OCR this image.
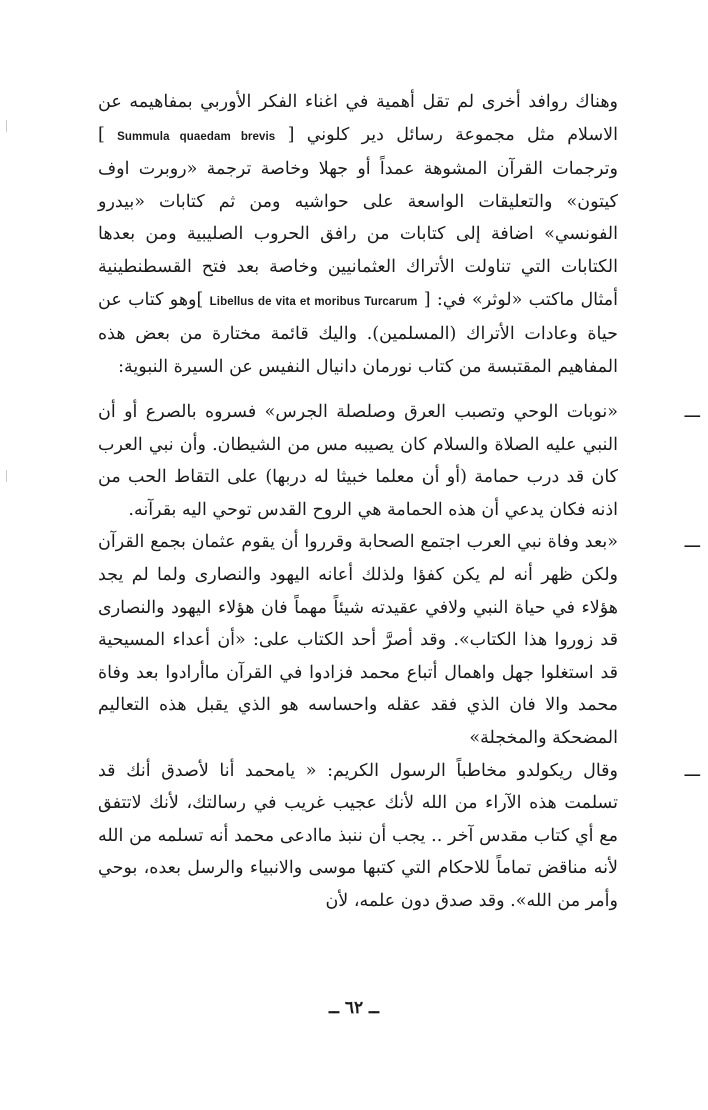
وهناك روافد أخرى لم تقل أهمية في اغناء الفكر الأوربي بمفاهيمه عن الاسلام مثل مجموعة رسائل دير كلوني [ Summula quaedam brevis ] وترجمات القرآن المشوهة عمداً أو جهلا وخاصة ترجمة «روبرت اوف كيتون» والتعليقات الواسعة على حواشيه ومن ثم كتابات «بيدرو الفونسي» اضافة إلى كتابات من رافق الحروب الصليبية ومن بعدها الكتابات التي تناولت الأتراك العثمانيين وخاصة بعد فتح القسطنطينية أمثال ماكتب «لوثر» في: [ Libellus de vita et moribus Turcarum ]وهو كتاب عن حياة وعادات الأتراك (المسلمين). واليك قائمة مختارة من بعض هذه المفاهيم المقتبسة من كتاب نورمان دانيال النفيس عن السيرة النبوية:

ـــ
«نوبات الوحي وتصبب العرق وصلصلة الجرس» فسروه بالصرع أو أن النبي عليه الصلاة والسلام كان يصيبه مس من الشيطان. وأن نبي العرب كان قد درب حمامة (أو أن معلما خبيثا له دربها) على التقاط الحب من اذنه فكان يدعي أن هذه الحمامة هي الروح القدس توحي اليه بقرآنه.
ـــ
«بعد وفاة نبي العرب اجتمع الصحابة وقرروا أن يقوم عثمان بجمع القرآن ولكن ظهر أنه لم يكن كفؤا ولذلك أعانه اليهود والنصارى ولما لم يجد هؤلاء في حياة النبي ولافي عقيدته شيئاً مهماً فان هؤلاء اليهود والنصارى قد زوروا هذا الكتاب». وقد أصرَّ أحد الكتاب على: «أن أعداء المسيحية قد استغلوا جهل واهمال أتباع محمد فزادوا في القرآن ماأرادوا بعد وفاة محمد والا فان الذي فقد عقله واحساسه هو الذي يقبل هذه التعاليم المضحكة والمخجلة»
ـــ
وقال ريكولدو مخاطباً الرسول الكريم: « يامحمد أنا لأصدق أنك قد تسلمت هذه الآراء من الله لأنك عجيب غريب في رسالتك، لأنك لاتتفق مع أي كتاب مقدس آخر .. يجب أن ننبذ ماادعى محمد أنه تسلمه من الله لأنه مناقض تماماً للاحكام التي كتبها موسى والانبياء والرسل بعده، بوحي وأمر من الله». وقد صدق دون علمه، لأن
ــ ٦٢ ــ
